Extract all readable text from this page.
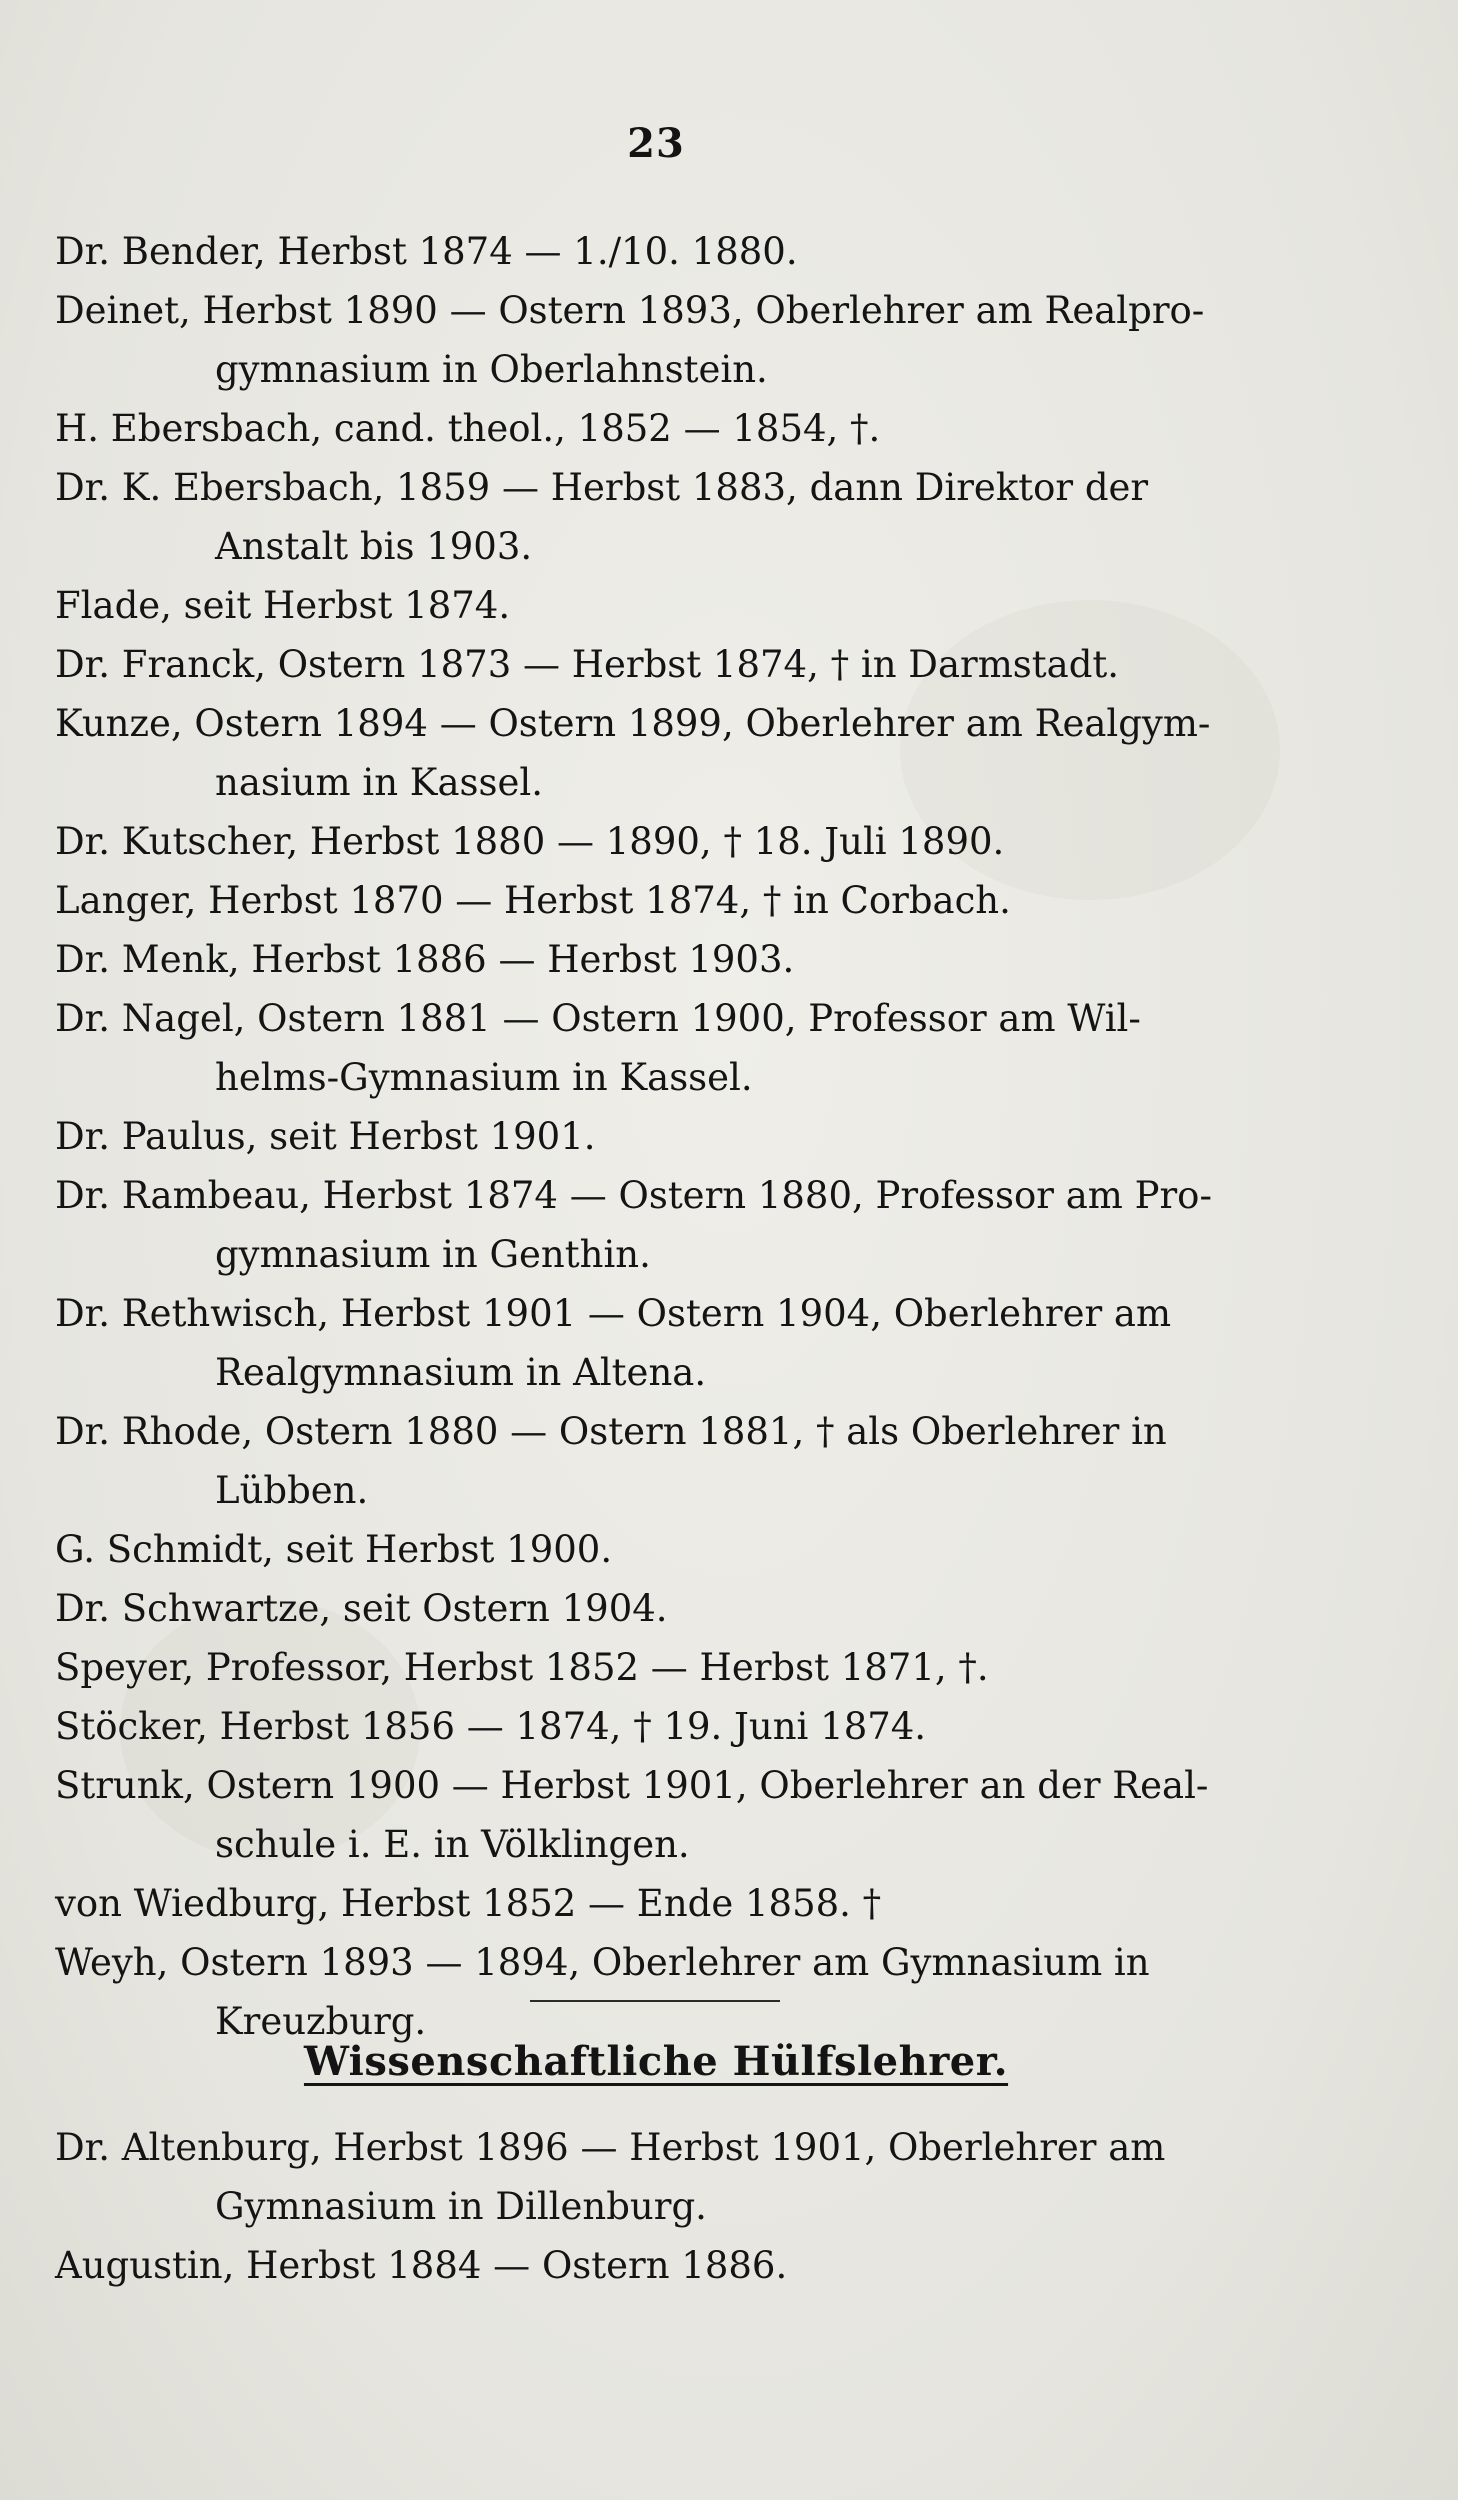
23
Dr. Bender, Herbst 1874 — 1./10. 1880.
Deinet, Herbst 1890 — Ostern 1893, Oberlehrer am Realpro-
gymnasium in Oberlahnstein.
H. Ebersbach, cand. theol., 1852 — 1854, †.
Dr. K. Ebersbach, 1859 — Herbst 1883, dann Direktor der
Anstalt bis 1903.
Flade, seit Herbst 1874.
Dr. Franck, Ostern 1873 — Herbst 1874, † in Darmstadt.
Kunze, Ostern 1894 — Ostern 1899, Oberlehrer am Realgym-
nasium in Kassel.
Dr. Kutscher, Herbst 1880 — 1890, † 18. Juli 1890.
Langer, Herbst 1870 — Herbst 1874, † in Corbach.
Dr. Menk, Herbst 1886 — Herbst 1903.
Dr. Nagel, Ostern 1881 — Ostern 1900, Professor am Wil-
helms-Gymnasium in Kassel.
Dr. Paulus, seit Herbst 1901.
Dr. Rambeau, Herbst 1874 — Ostern 1880, Professor am Pro-
gymnasium in Genthin.
Dr. Rethwisch, Herbst 1901 — Ostern 1904, Oberlehrer am
Realgymnasium in Altena.
Dr. Rhode, Ostern 1880 — Ostern 1881, † als Oberlehrer in
Lübben.
G. Schmidt, seit Herbst 1900.
Dr. Schwartze, seit Ostern 1904.
Speyer, Professor, Herbst 1852 — Herbst 1871, †.
Stöcker, Herbst 1856 — 1874, † 19. Juni 1874.
Strunk, Ostern 1900 — Herbst 1901, Oberlehrer an der Real-
schule i. E. in Völklingen.
von Wiedburg, Herbst 1852 — Ende 1858. †
Weyh, Ostern 1893 — 1894, Oberlehrer am Gymnasium in
Kreuzburg.
Wissenschaftliche Hülfslehrer.
Dr. Altenburg, Herbst 1896 — Herbst 1901, Oberlehrer am
Gymnasium in Dillenburg.
Augustin, Herbst 1884 — Ostern 1886.
